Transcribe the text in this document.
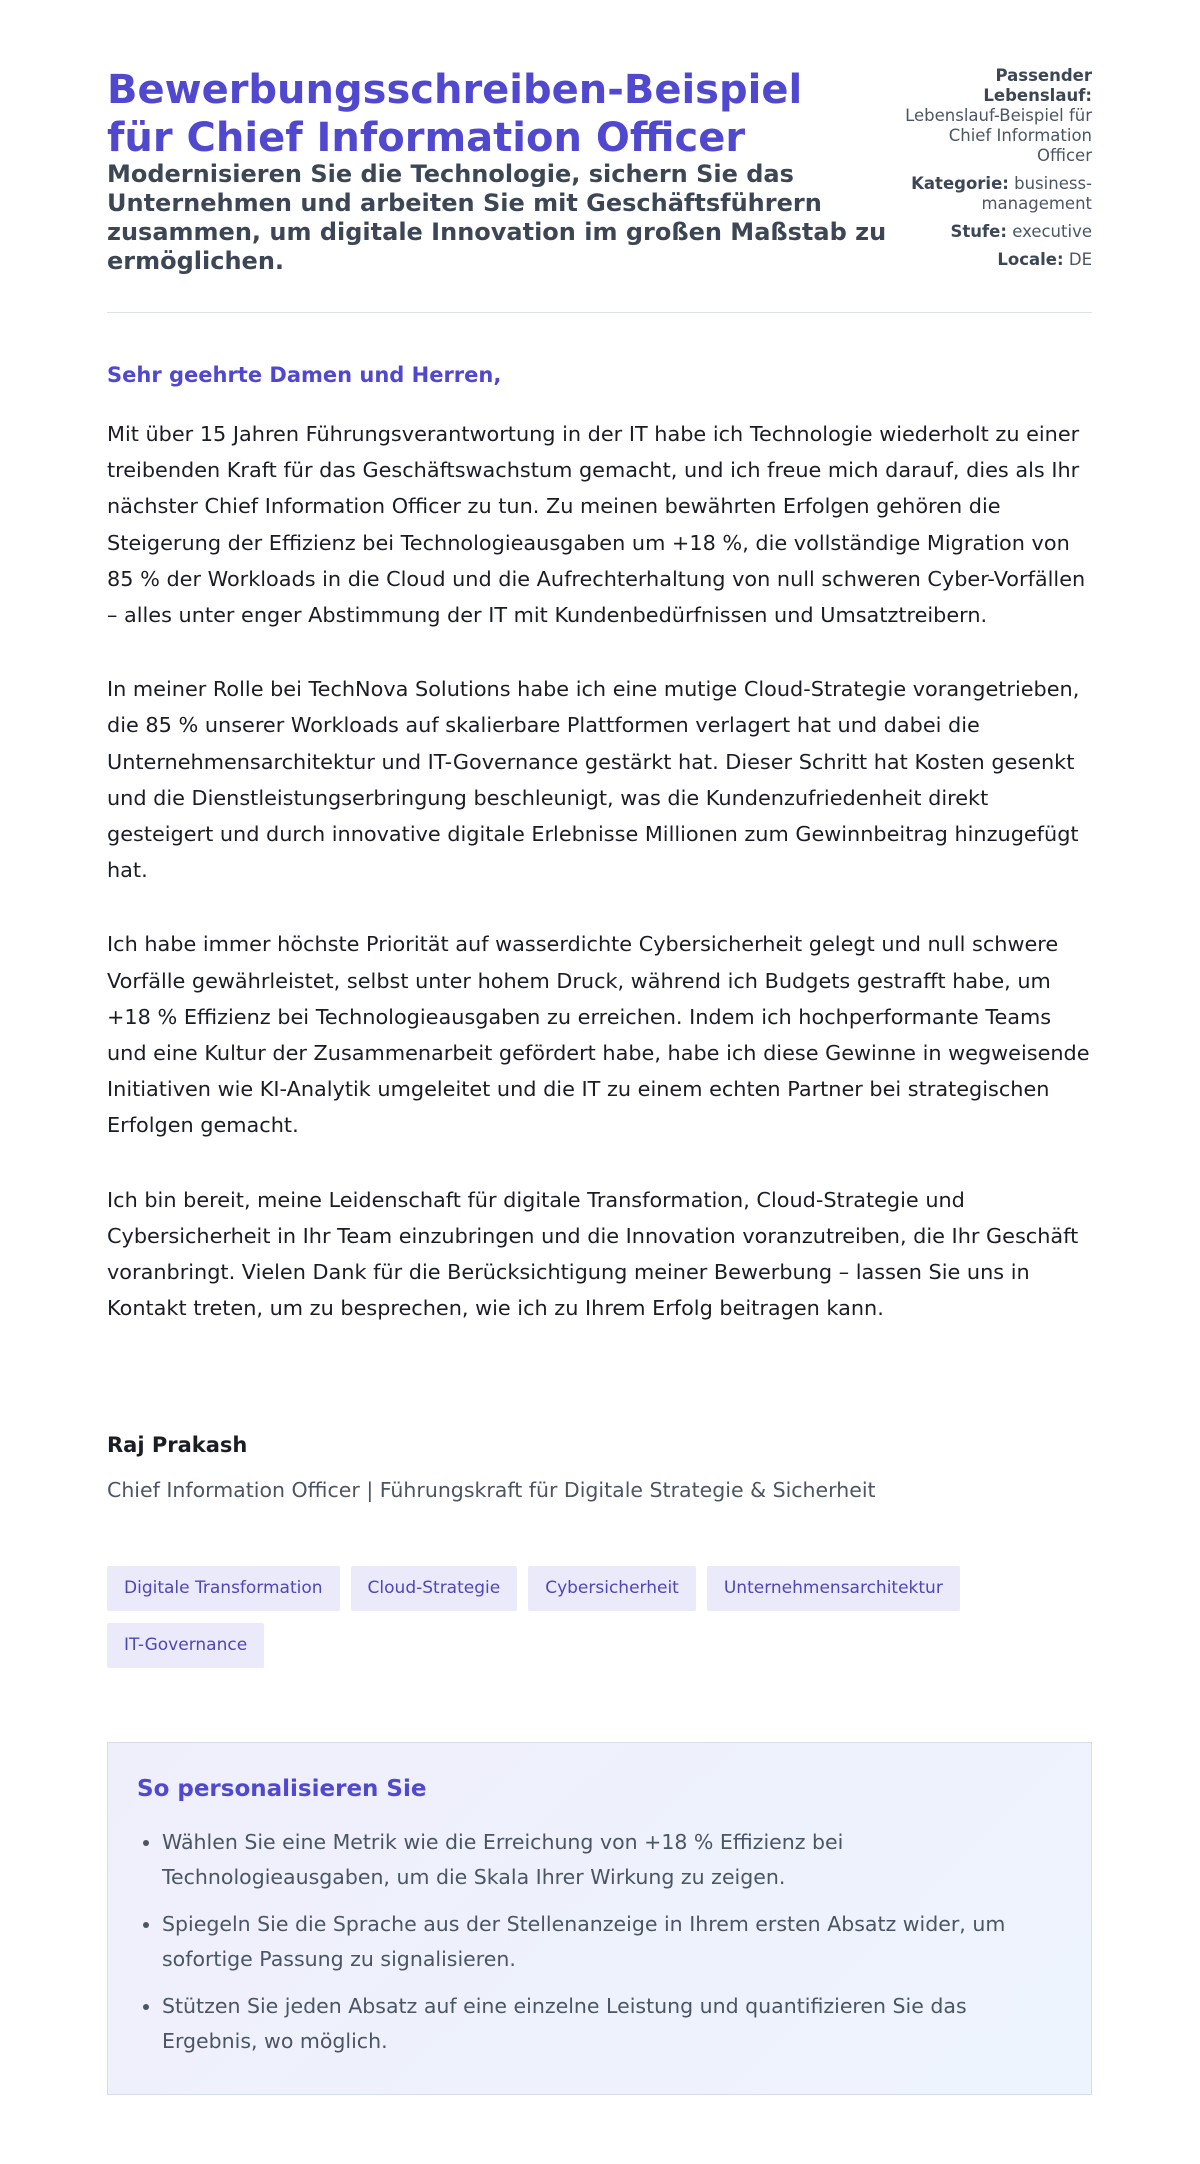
Bewerbungsschreiben-Beispiel für Chief Information Officer
Modernisieren Sie die Technologie, sichern Sie das Unternehmen und arbeiten Sie mit Geschäftsführern zusammen, um digitale Innovation im großen Maßstab zu ermöglichen.
Passender Lebenslauf: Lebenslauf-Beispiel für Chief Information Officer
Kategorie: business-management
Stufe: executive
Locale: DE

Sehr geehrte Damen und Herren,

Mit über 15 Jahren Führungsverantwortung in der IT habe ich Technologie wiederholt zu einer treibenden Kraft für das Geschäftswachstum gemacht, und ich freue mich darauf, dies als Ihr nächster Chief Information Officer zu tun. Zu meinen bewährten Erfolgen gehören die Steigerung der Effizienz bei Technologieausgaben um +18 %, die vollständige Migration von 85 % der Workloads in die Cloud und die Aufrechterhaltung von null schweren Cyber-Vorfällen – alles unter enger Abstimmung der IT mit Kundenbedürfnissen und Umsatztreibern.

In meiner Rolle bei TechNova Solutions habe ich eine mutige Cloud-Strategie vorangetrieben, die 85 % unserer Workloads auf skalierbare Plattformen verlagert hat und dabei die Unternehmensarchitektur und IT-Governance gestärkt hat. Dieser Schritt hat Kosten gesenkt und die Dienstleistungserbringung beschleunigt, was die Kundenzufriedenheit direkt gesteigert und durch innovative digitale Erlebnisse Millionen zum Gewinnbeitrag hinzugefügt hat.

Ich habe immer höchste Priorität auf wasserdichte Cybersicherheit gelegt und null schwere Vorfälle gewährleistet, selbst unter hohem Druck, während ich Budgets gestrafft habe, um +18 % Effizienz bei Technologieausgaben zu erreichen. Indem ich hochperformante Teams und eine Kultur der Zusammenarbeit gefördert habe, habe ich diese Gewinne in wegweisende Initiativen wie KI-Analytik umgeleitet und die IT zu einem echten Partner bei strategischen Erfolgen gemacht.

Ich bin bereit, meine Leidenschaft für digitale Transformation, Cloud-Strategie und Cybersicherheit in Ihr Team einzubringen und die Innovation voranzutreiben, die Ihr Geschäft voranbringt. Vielen Dank für die Berücksichtigung meiner Bewerbung – lassen Sie uns in Kontakt treten, um zu besprechen, wie ich zu Ihrem Erfolg beitragen kann.

Raj Prakash

Chief Information Officer | Führungskraft für Digitale Strategie & Sicherheit

Digitale Transformation	Cloud-Strategie	Cybersicherheit	Unternehmensarchitektur
IT-Governance
So personalisieren Sie
• Wählen Sie eine Metrik wie die Erreichung von +18 % Effizienz bei Technologieausgaben, um die Skala Ihrer Wirkung zu zeigen.
• Spiegeln Sie die Sprache aus der Stellenanzeige in Ihrem ersten Absatz wider, um sofortige Passung zu signalisieren.
• Stützen Sie jeden Absatz auf eine einzelne Leistung und quantifizieren Sie das Ergebnis, wo möglich.
